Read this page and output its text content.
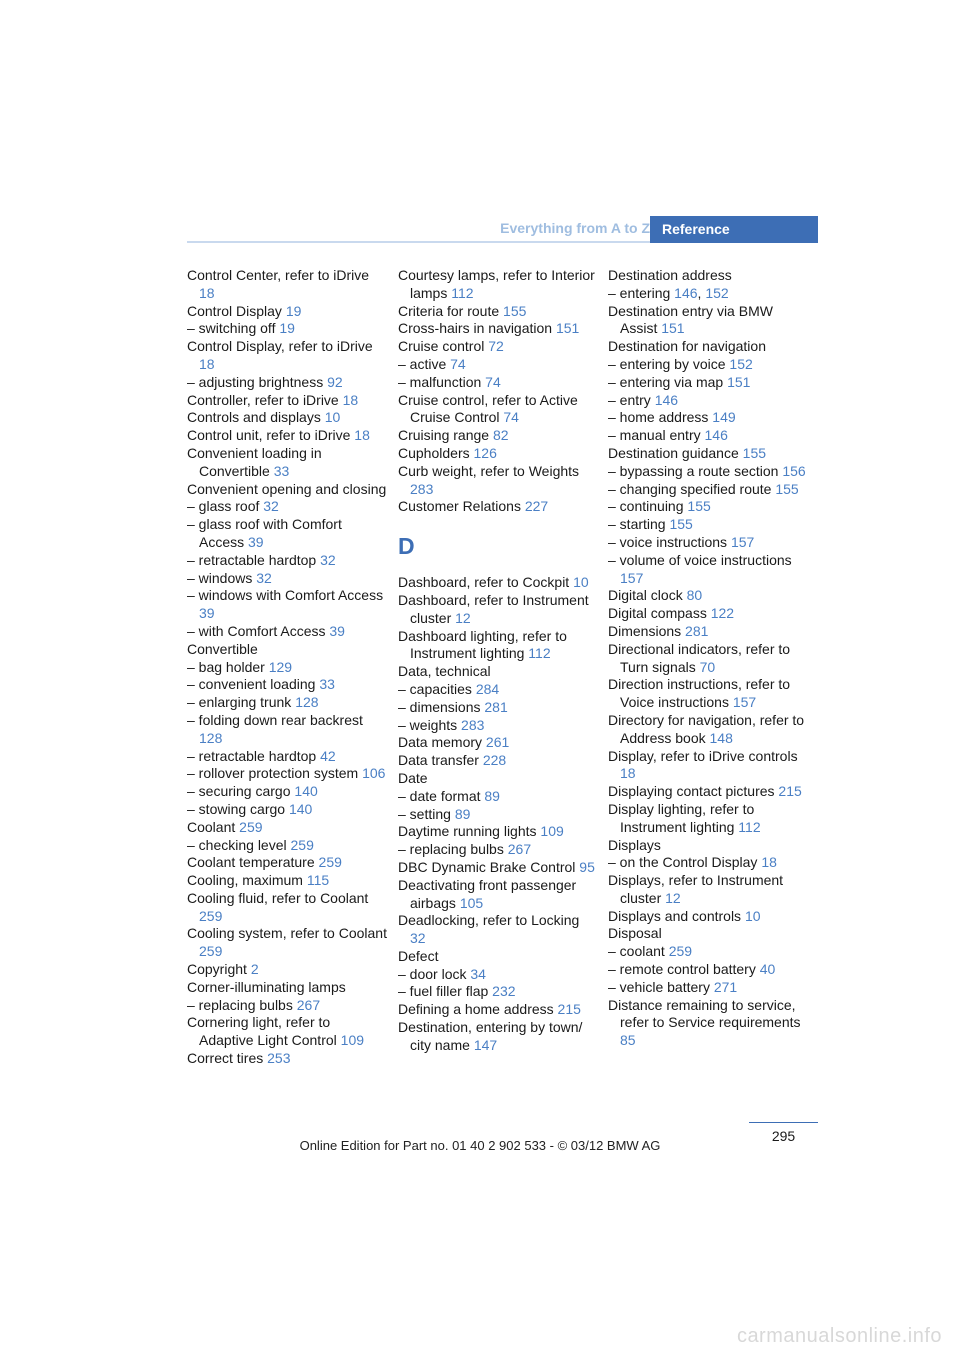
Everything from A to Z Reference
Control Center, refer to iDrive 18
Control Display 19
– switching off 19
Control Display, refer to iDrive 18
– adjusting brightness 92
Controller, refer to iDrive 18
Controls and displays 10
Control unit, refer to iDrive 18
Convenient loading in Convertible 33
Convenient opening and closing
– glass roof 32
– glass roof with Comfort Access 39
– retractable hardtop 32
– windows 32
– windows with Comfort Access 39
– with Comfort Access 39
Convertible
– bag holder 129
– convenient loading 33
– enlarging trunk 128
– folding down rear backrest 128
– retractable hardtop 42
– rollover protection system 106
– securing cargo 140
– stowing cargo 140
Coolant 259
– checking level 259
Coolant temperature 259
Cooling, maximum 115
Cooling fluid, refer to Coolant 259
Cooling system, refer to Coolant 259
Copyright 2
Corner-illuminating lamps
– replacing bulbs 267
Cornering light, refer to Adaptive Light Control 109
Correct tires 253
Courtesy lamps, refer to Interior lamps 112
Criteria for route 155
Cross-hairs in navigation 151
Cruise control 72
– active 74
– malfunction 74
Cruise control, refer to Active Cruise Control 74
Cruising range 82
Cupholders 126
Curb weight, refer to Weights 283
Customer Relations 227
D
Dashboard, refer to Cockpit 10
Dashboard, refer to Instrument cluster 12
Dashboard lighting, refer to Instrument lighting 112
Data, technical
– capacities 284
– dimensions 281
– weights 283
Data memory 261
Data transfer 228
Date
– date format 89
– setting 89
Daytime running lights 109
– replacing bulbs 267
DBC Dynamic Brake Control 95
Deactivating front passenger airbags 105
Deadlocking, refer to Locking 32
Defect
– door lock 34
– fuel filler flap 232
Defining a home address 215
Destination, entering by town/ city name 147
Destination address
– entering 146, 152
Destination entry via BMW Assist 151
Destination for navigation
– entering by voice 152
– entering via map 151
– entry 146
– home address 149
– manual entry 146
Destination guidance 155
– bypassing a route section 156
– changing specified route 155
– continuing 155
– starting 155
– voice instructions 157
– volume of voice instructions 157
Digital clock 80
Digital compass 122
Dimensions 281
Directional indicators, refer to Turn signals 70
Direction instructions, refer to Voice instructions 157
Directory for navigation, refer to Address book 148
Display, refer to iDrive controls 18
Displaying contact pictures 215
Display lighting, refer to Instrument lighting 112
Displays
– on the Control Display 18
Displays, refer to Instrument cluster 12
Displays and controls 10
Disposal
– coolant 259
– remote control battery 40
– vehicle battery 271
Distance remaining to service, refer to Service requirements 85
295
Online Edition for Part no. 01 40 2 902 533 - © 03/12 BMW AG
carmanualsonline.info
